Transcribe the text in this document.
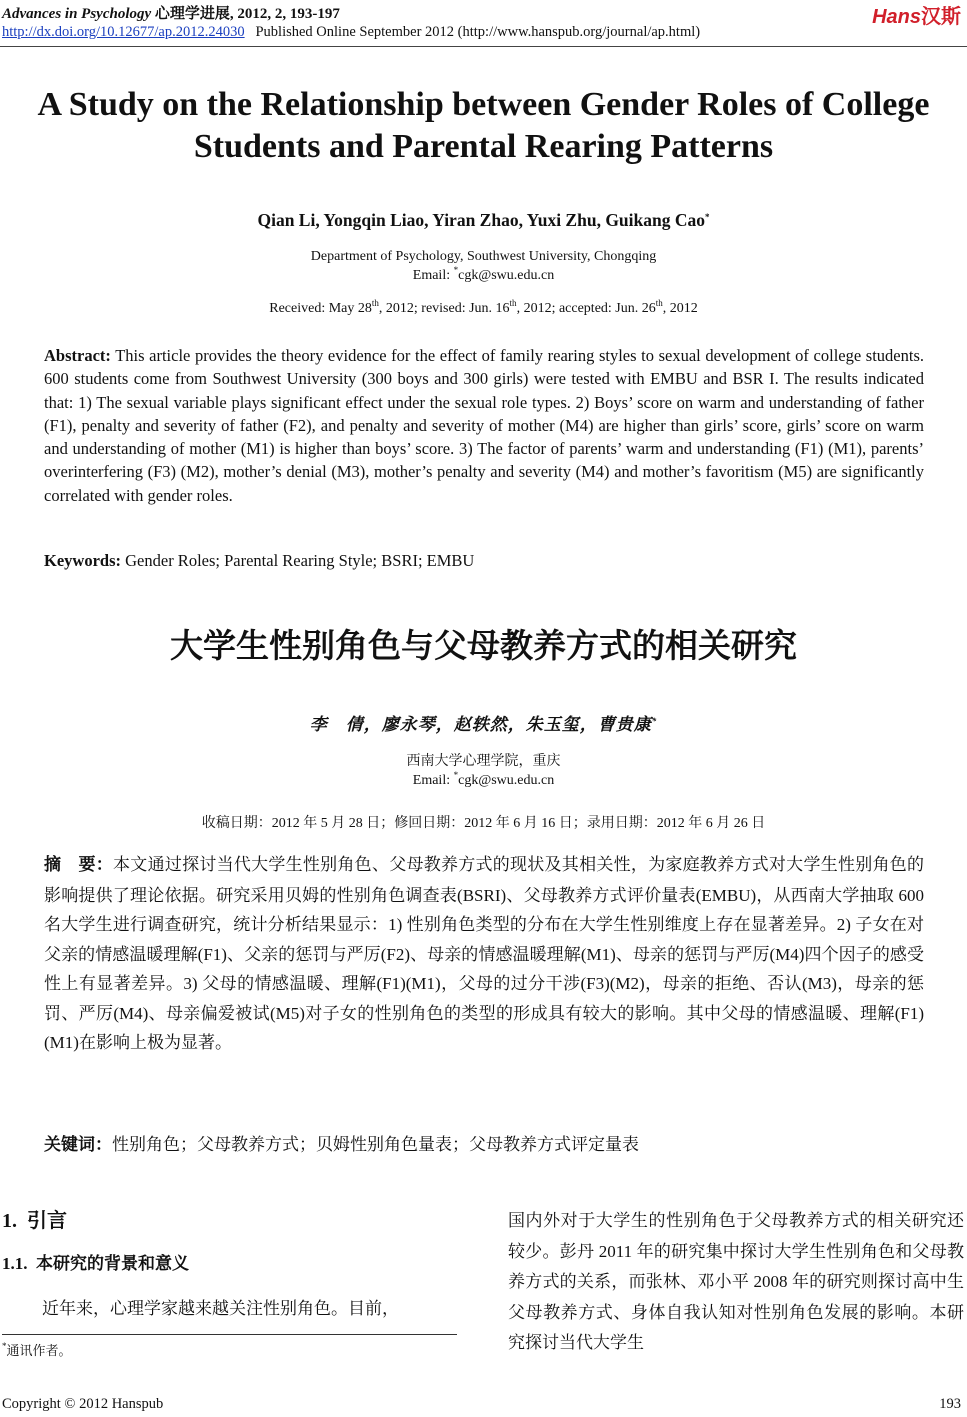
Advances in Psychology 心理学进展, 2012, 2, 193-197
http://dx.doi.org/10.12677/ap.2012.24030 Published Online September 2012 (http://www.hanspub.org/journal/ap.html)
Hans汉斯
A Study on the Relationship between Gender Roles of College Students and Parental Rearing Patterns
Qian Li, Yongqin Liao, Yiran Zhao, Yuxi Zhu, Guikang Cao*
Department of Psychology, Southwest University, Chongqing
Email: *cgk@swu.edu.cn
Received: May 28th, 2012; revised: Jun. 16th, 2012; accepted: Jun. 26th, 2012
Abstract: This article provides the theory evidence for the effect of family rearing styles to sexual development of college students. 600 students come from Southwest University (300 boys and 300 girls) were tested with EMBU and BSR I. The results indicated that: 1) The sexual variable plays significant effect under the sexual role types. 2) Boys’ score on warm and understanding of father (F1), penalty and severity of father (F2), and penalty and severity of mother (M4) are higher than girls’ score, girls’ score on warm and understanding of mother (M1) is higher than boys’ score. 3) The factor of parents’ warm and understanding (F1) (M1), parents’ overinterfering (F3) (M2), mother’s denial (M3), mother’s penalty and severity (M4) and mother’s favoritism (M5) are significantly correlated with gender roles.
Keywords: Gender Roles; Parental Rearing Style; BSRI; EMBU
大学生性别角色与父母教养方式的相关研究
李　倩，廖永琴，赵轶然，朱玉玺，曹贵康*
西南大学心理学院，重庆
Email: *cgk@swu.edu.cn
收稿日期：2012 年 5 月 28 日；修回日期：2012 年 6 月 16 日；录用日期：2012 年 6 月 26 日
摘　要：本文通过探讨当代大学生性别角色、父母教养方式的现状及其相关性，为家庭教养方式对大学生性别角色的影响提供了理论依据。研究采用贝姆的性别角色调查表(BSRI)、父母教养方式评价量表(EMBU)，从西南大学抽取 600 名大学生进行调查研究，统计分析结果显示：1) 性别角色类型的分布在大学生性别维度上存在显著差异。2) 子女在对父亲的情感温暖理解(F1)、父亲的惩罚与严厉(F2)、母亲的情感温暖理解(M1)、母亲的惩罚与严厉(M4)四个因子的感受性上有显著差异。3) 父母的情感温暖、理解(F1)(M1)，父母的过分干涉(F3)(M2)，母亲的拒绝、否认(M3)，母亲的惩罚、严厉(M4)、母亲偏爱被试(M5)对子女的性别角色的类型的形成具有较大的影响。其中父母的情感温暖、理解(F1)(M1)在影响上极为显著。
关键词：性别角色；父母教养方式；贝姆性别角色量表；父母教养方式评定量表
1. 引言
1.1. 本研究的背景和意义
近年来，心理学家越来越关注性别角色。目前，
*通讯作者。
国内外对于大学生的性别角色于父母教养方式的相关研究还较少。彭丹 2011 年的研究集中探讨大学生性别角色和父母教养方式的关系，而张林、邓小平 2008 年的研究则探讨高中生父母教养方式、身体自我认知对性别角色发展的影响。本研究探讨当代大学生
Copyright © 2012 Hanspub	193
